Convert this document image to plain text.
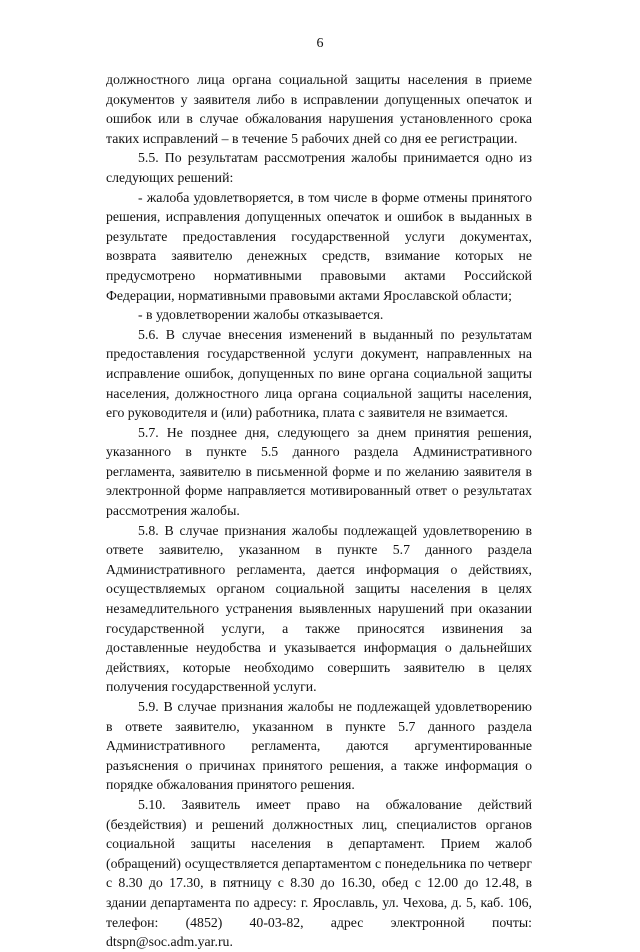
6

должностного лица органа социальной защиты населения в приеме документов у заявителя либо в исправлении допущенных опечаток и ошибок или в случае обжалования нарушения установленного срока таких исправлений – в течение 5 рабочих дней со дня ее регистрации.

5.5. По результатам рассмотрения жалобы принимается одно из следующих решений:

- жалоба удовлетворяется, в том числе в форме отмены принятого решения, исправления допущенных опечаток и ошибок в выданных в результате предоставления государственной услуги документах, возврата заявителю денежных средств, взимание которых не предусмотрено нормативными правовыми актами Российской Федерации, нормативными правовыми актами Ярославской области;

- в удовлетворении жалобы отказывается.

5.6. В случае внесения изменений в выданный по результатам предоставления государственной услуги документ, направленных на исправление ошибок, допущенных по вине органа социальной защиты населения, должностного лица органа социальной защиты населения, его руководителя и (или) работника, плата с заявителя не взимается.

5.7. Не позднее дня, следующего за днем принятия решения, указанного в пункте 5.5 данного раздела Административного регламента, заявителю в письменной форме и по желанию заявителя в электронной форме направляется мотивированный ответ о результатах рассмотрения жалобы.

5.8. В случае признания жалобы подлежащей удовлетворению в ответе заявителю, указанном в пункте 5.7 данного раздела Административного регламента, дается информация о действиях, осуществляемых органом социальной защиты населения в целях незамедлительного устранения выявленных нарушений при оказании государственной услуги, а также приносятся извинения за доставленные неудобства и указывается информация о дальнейших действиях, которые необходимо совершить заявителю в целях получения государственной услуги.

5.9. В случае признания жалобы не подлежащей удовлетворению в ответе заявителю, указанном в пункте 5.7 данного раздела Административного регламента, даются аргументированные разъяснения о причинах принятого решения, а также информация о порядке обжалования принятого решения.

5.10. Заявитель имеет право на обжалование действий (бездействия) и решений должностных лиц, специалистов органов социальной защиты населения в департамент. Прием жалоб (обращений) осуществляется департаментом с понедельника по четверг с 8.30 до 17.30, в пятницу с 8.30 до 16.30, обед с 12.00 до 12.48, в здании департамента по адресу: г. Ярославль, ул. Чехова, д. 5, каб. 106, телефон: (4852) 40-03-82, адрес электронной почты: dtspn@soc.adm.yar.ru.
